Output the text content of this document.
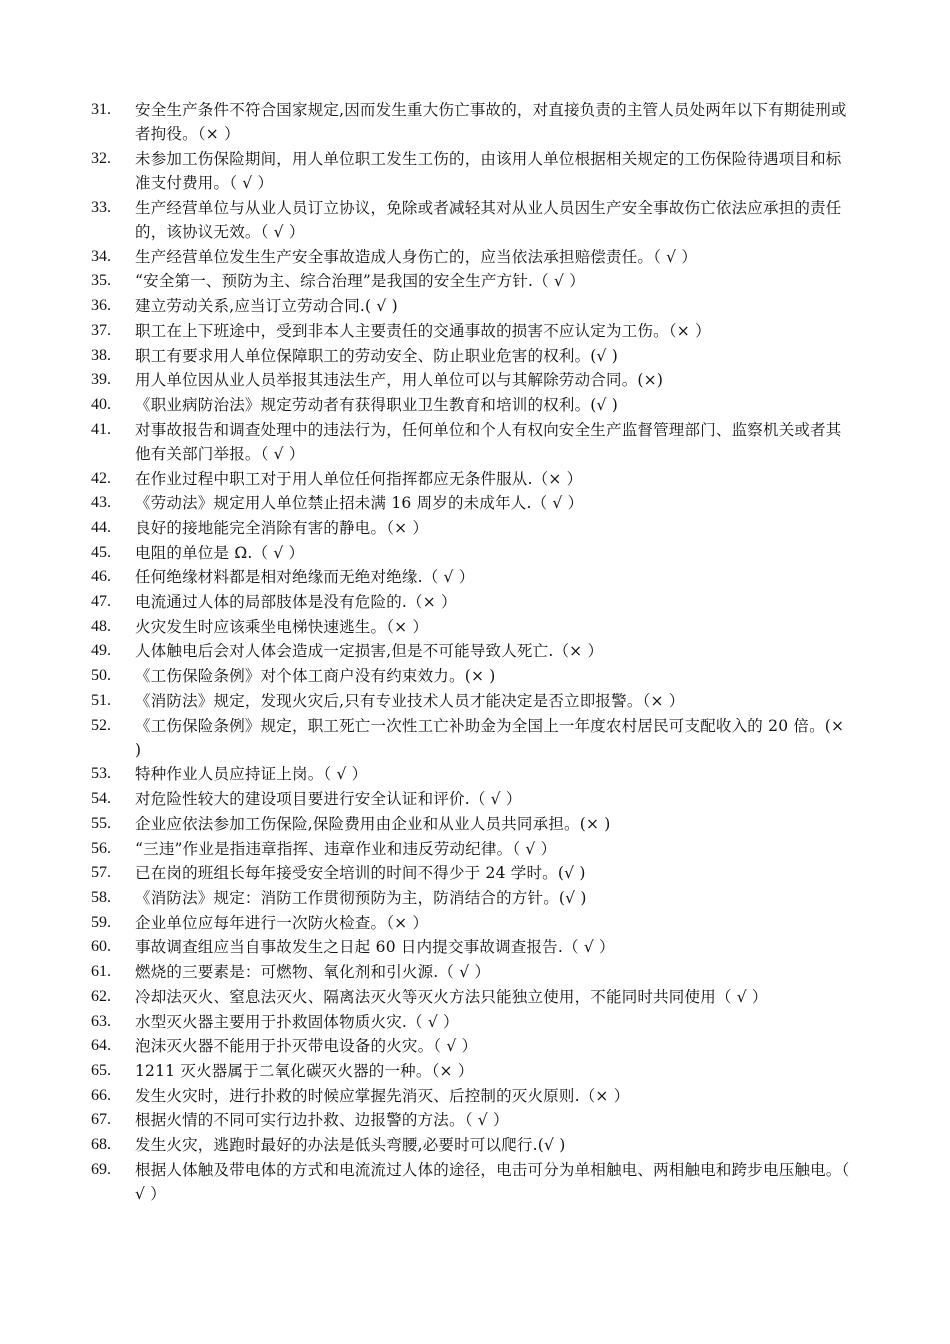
31.	安全生产条件不符合国家规定,因而发生重大伤亡事故的，对直接负责的主管人员处两年以下有期徒刑或者拘役。（× ）
32.	未参加工伤保险期间，用人单位职工发生工伤的，由该用人单位根据相关规定的工伤保险待遇项目和标准支付费用。（ √ ）
33.	生产经营单位与从业人员订立协议，免除或者减轻其对从业人员因生产安全事故伤亡依法应承担的责任的，该协议无效。（ √ ）
34.	生产经营单位发生生产安全事故造成人身伤亡的，应当依法承担赔偿责任。（ √ ）
35.	“安全第一、预防为主、综合治理”是我国的安全生产方针.（ √ ）
36.	建立劳动关系,应当订立劳动合同.( √ )
37.	职工在上下班途中，受到非本人主要责任的交通事故的损害不应认定为工伤。（× ）
38.	职工有要求用人单位保障职工的劳动安全、防止职业危害的权利。(√ )
39.	用人单位因从业人员举报其违法生产，用人单位可以与其解除劳动合同。(×)
40.	《职业病防治法》规定劳动者有获得职业卫生教育和培训的权利。(√ )
41.	对事故报告和调查处理中的违法行为，任何单位和个人有权向安全生产监督管理部门、监察机关或者其他有关部门举报。（ √ ）
42.	在作业过程中职工对于用人单位任何指挥都应无条件服从.（× ）
43.	《劳动法》规定用人单位禁止招未满 16 周岁的未成年人.（ √ ）
44.	良好的接地能完全消除有害的静电。（× ）
45.	电阻的单位是 Ω.（ √ ）
46.	任何绝缘材料都是相对绝缘而无绝对绝缘.（ √ ）
47.	电流通过人体的局部肢体是没有危险的.（× ）
48.	火灾发生时应该乘坐电梯快速逃生。（× ）
49.	人体触电后会对人体会造成一定损害,但是不可能导致人死亡.（× ）
50.	《工伤保险条例》对个体工商户没有约束效力。(× )
51.	《消防法》规定，发现火灾后,只有专业技术人员才能决定是否立即报警。（× ）
52.	《工伤保险条例》规定，职工死亡一次性工亡补助金为全国上一年度农村居民可支配收入的 20 倍。(× )
53.	特种作业人员应持证上岗。（ √ ）
54.	对危险性较大的建设项目要进行安全认证和评价.（ √ ）
55.	企业应依法参加工伤保险,保险费用由企业和从业人员共同承担。(× )
56.	“三违”作业是指违章指挥、违章作业和违反劳动纪律。（ √ ）
57.	已在岗的班组长每年接受安全培训的时间不得少于 24 学时。(√ )
58.	《消防法》规定：消防工作贯彻预防为主，防消结合的方针。(√ )
59.	企业单位应每年进行一次防火检查。（× ）
60.	事故调查组应当自事故发生之日起 60 日内提交事故调查报告.（ √ ）
61.	燃烧的三要素是：可燃物、氧化剂和引火源.（ √ ）
62.	冷却法灭火、窒息法灭火、隔离法灭火等灭火方法只能独立使用，不能同时共同使用（ √ ）
63.	水型灭火器主要用于扑救固体物质火灾.（ √ ）
64.	泡沫灭火器不能用于扑灭带电设备的火灾。（ √ ）
65.	1211 灭火器属于二氧化碳灭火器的一种。（× ）
66.	发生火灾时，进行扑救的时候应掌握先消灭、后控制的灭火原则.（× ）
67.	根据火情的不同可实行边扑救、边报警的方法。（ √ ）
68.	发生火灾，逃跑时最好的办法是低头弯腰,必要时可以爬行.(√ )
69.	根据人体触及带电体的方式和电流流过人体的途径，电击可分为单相触电、两相触电和跨步电压触电。（ √ ）
